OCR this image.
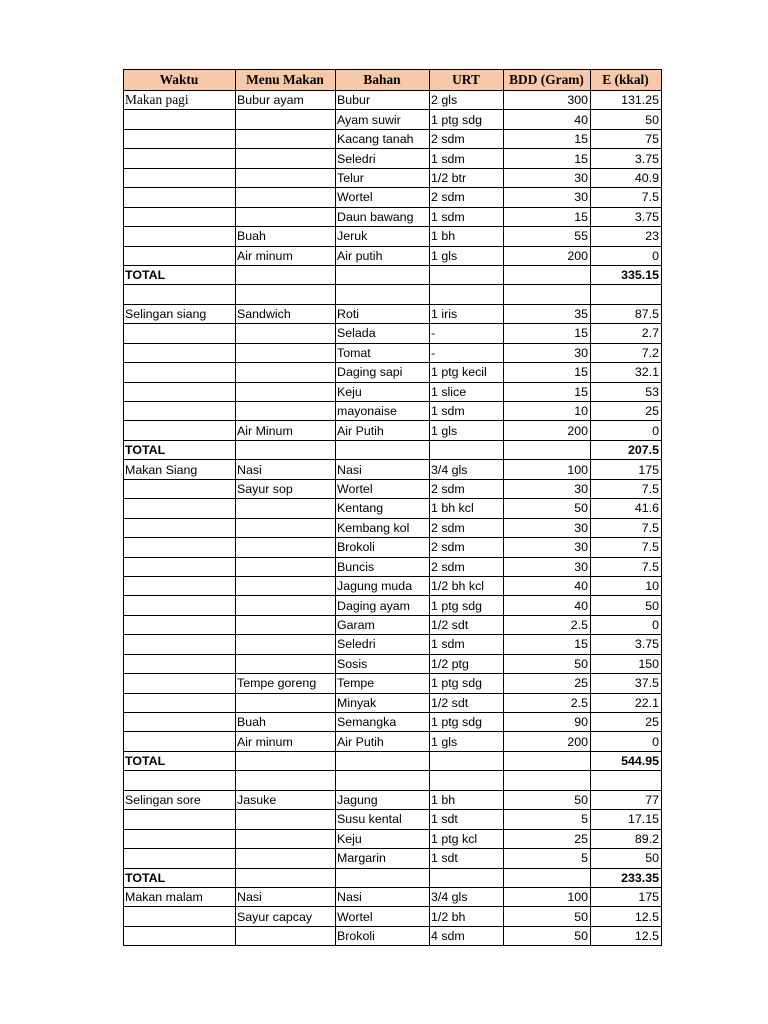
Waktu	Menu Makan	Bahan	URT	BDD (Gram)	E (kkal)
Makan pagi	Bubur ayam	Bubur	2 gls	300	131.25
		Ayam suwir	1 ptg sdg	40	50
		Kacang tanah	2 sdm	15	75
		Seledri	1 sdm	15	3.75
		Telur	1/2 btr	30	40.9
		Wortel	2 sdm	30	7.5
		Daun bawang	1 sdm	15	3.75
	Buah	Jeruk	1 bh	55	23
	Air minum	Air putih	1 gls	200	0
TOTAL					335.15

Selingan siang	Sandwich	Roti	1 iris	35	87.5
		Selada	-	15	2.7
		Tomat	-	30	7.2
		Daging sapi	1 ptg kecil	15	32.1
		Keju	1 slice	15	53
		mayonaise	1 sdm	10	25
	Air Minum	Air Putih	1 gls	200	0
TOTAL					207.5
Makan Siang	Nasi	Nasi	3/4 gls	100	175
	Sayur sop	Wortel	2 sdm	30	7.5
		Kentang	1 bh kcl	50	41.6
		Kembang kol	2 sdm	30	7.5
		Brokoli	2 sdm	30	7.5
		Buncis	2 sdm	30	7.5
		Jagung muda	1/2 bh kcl	40	10
		Daging ayam	1 ptg sdg	40	50
		Garam	1/2 sdt	2.5	0
		Seledri	1 sdm	15	3.75
		Sosis	1/2 ptg	50	150
	Tempe goreng	Tempe	1 ptg sdg	25	37.5
		Minyak	1/2 sdt	2.5	22.1
	Buah	Semangka	1 ptg sdg	90	25
	Air minum	Air Putih	1 gls	200	0
TOTAL					544.95

Selingan sore	Jasuke	Jagung	1 bh	50	77
		Susu kental	1 sdt	5	17.15
		Keju	1 ptg kcl	25	89.2
		Margarin	1 sdt	5	50
TOTAL					233.35
Makan malam	Nasi	Nasi	3/4 gls	100	175
	Sayur capcay	Wortel	1/2 bh	50	12.5
		Brokoli	4 sdm	50	12.5
